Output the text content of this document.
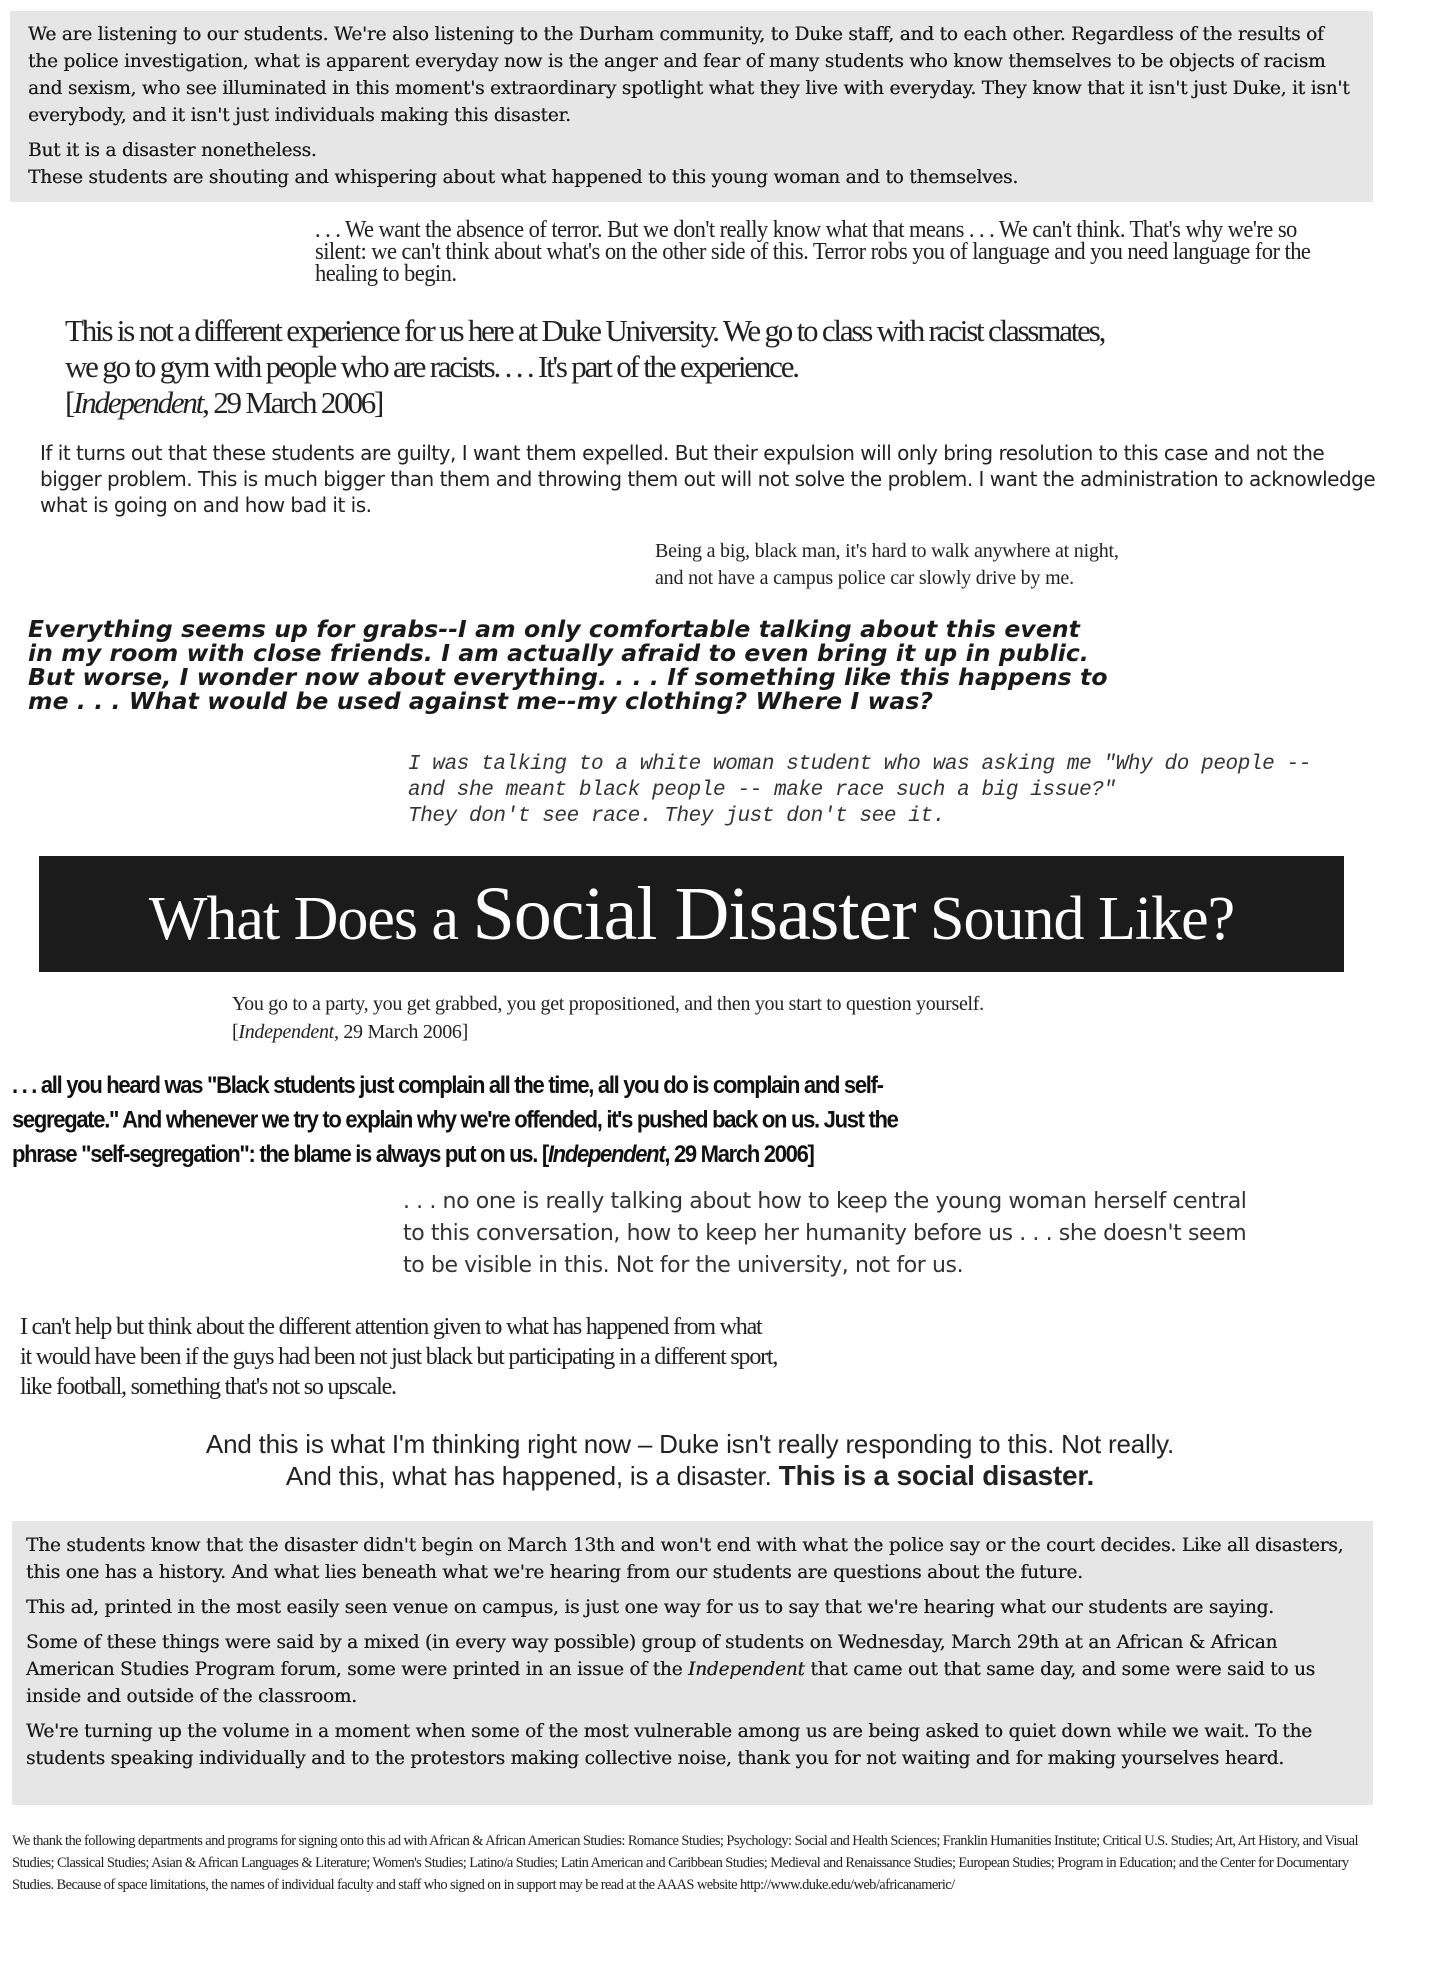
We are listening to our students. We're also listening to the Durham community, to Duke staff, and to each other. Regardless of the results of the police investigation, what is apparent everyday now is the anger and fear of many students who know themselves to be objects of racism and sexism, who see illuminated in this moment's extraordinary spotlight what they live with everyday. They know that it isn't just Duke, it isn't everybody, and it isn't just individuals making this disaster.

But it is a disaster nonetheless.

These students are shouting and whispering about what happened to this young woman and to themselves.

. . . We want the absence of terror. But we don't really know what that means . . . We can't think. That's why we're so silent: we can't think about what's on the other side of this. Terror robs you of language and you need language for the healing to begin.

This is not a different experience for us here at Duke University. We go to class with racist classmates,

we go to gym with people who are racists. . . . It's part of the experience.

[Independent, 29 March 2006]

If it turns out that these students are guilty, I want them expelled. But their expulsion will only bring resolution to this case and not the bigger problem. This is much bigger than them and throwing them out will not solve the problem. I want the administration to acknowledge what is going on and how bad it is.

Being a big, black man, it's hard to walk anywhere at night,

and not have a campus police car slowly drive by me.

Everything seems up for grabs--I am only comfortable talking about this event

in my room with close friends. I am actually afraid to even bring it up in public.

But worse, I wonder now about everything. . . . If something like this happens to

me . . . What would be used against me--my clothing? Where I was?

I was talking to a white woman student who was asking me "Why do people --

and she meant black people -- make race such a big issue?"

They don't see race. They just don't see it.

What Does a Social Disaster Sound Like?

You go to a party, you get grabbed, you get propositioned, and then you start to question yourself.

[Independent, 29 March 2006]

. . . all you heard was "Black students just complain all the time, all you do is complain and self-

segregate." And whenever we try to explain why we're offended, it's pushed back on us. Just the

phrase "self-segregation": the blame is always put on us. [Independent, 29 March 2006]

. . . no one is really talking about how to keep the young woman herself central

to this conversation, how to keep her humanity before us . . . she doesn't seem

to be visible in this. Not for the university, not for us.

I can't help but think about the different attention given to what has happened from what

it would have been if the guys had been not just black but participating in a different sport,

like football, something that's not so upscale.

And this is what I'm thinking right now – Duke isn't really responding to this. Not really.

And this, what has happened, is a disaster. This is a social disaster.

The students know that the disaster didn't begin on March 13th and won't end with what the police say or the court decides. Like all disasters, this one has a history. And what lies beneath what we're hearing from our students are questions about the future.

This ad, printed in the most easily seen venue on campus, is just one way for us to say that we're hearing what our students are saying.

Some of these things were said by a mixed (in every way possible) group of students on Wednesday, March 29th at an African & African American Studies Program forum, some were printed in an issue of the Independent that came out that same day, and some were said to us inside and outside of the classroom.

We're turning up the volume in a moment when some of the most vulnerable among us are being asked to quiet down while we wait. To the students speaking individually and to the protestors making collective noise, thank you for not waiting and for making yourselves heard.

We thank the following departments and programs for signing onto this ad with African & African American Studies: Romance Studies; Psychology: Social and Health Sciences; Franklin Humanities Institute; Critical U.S. Studies; Art, Art History, and Visual Studies; Classical Studies; Asian & African Languages & Literature; Women's Studies; Latino/a Studies; Latin American and Caribbean Studies; Medieval and Renaissance Studies; European Studies; Program in Education; and the Center for Documentary Studies. Because of space limitations, the names of individual faculty and staff who signed on in support may be read at the AAAS website http://www.duke.edu/web/africanameric/
